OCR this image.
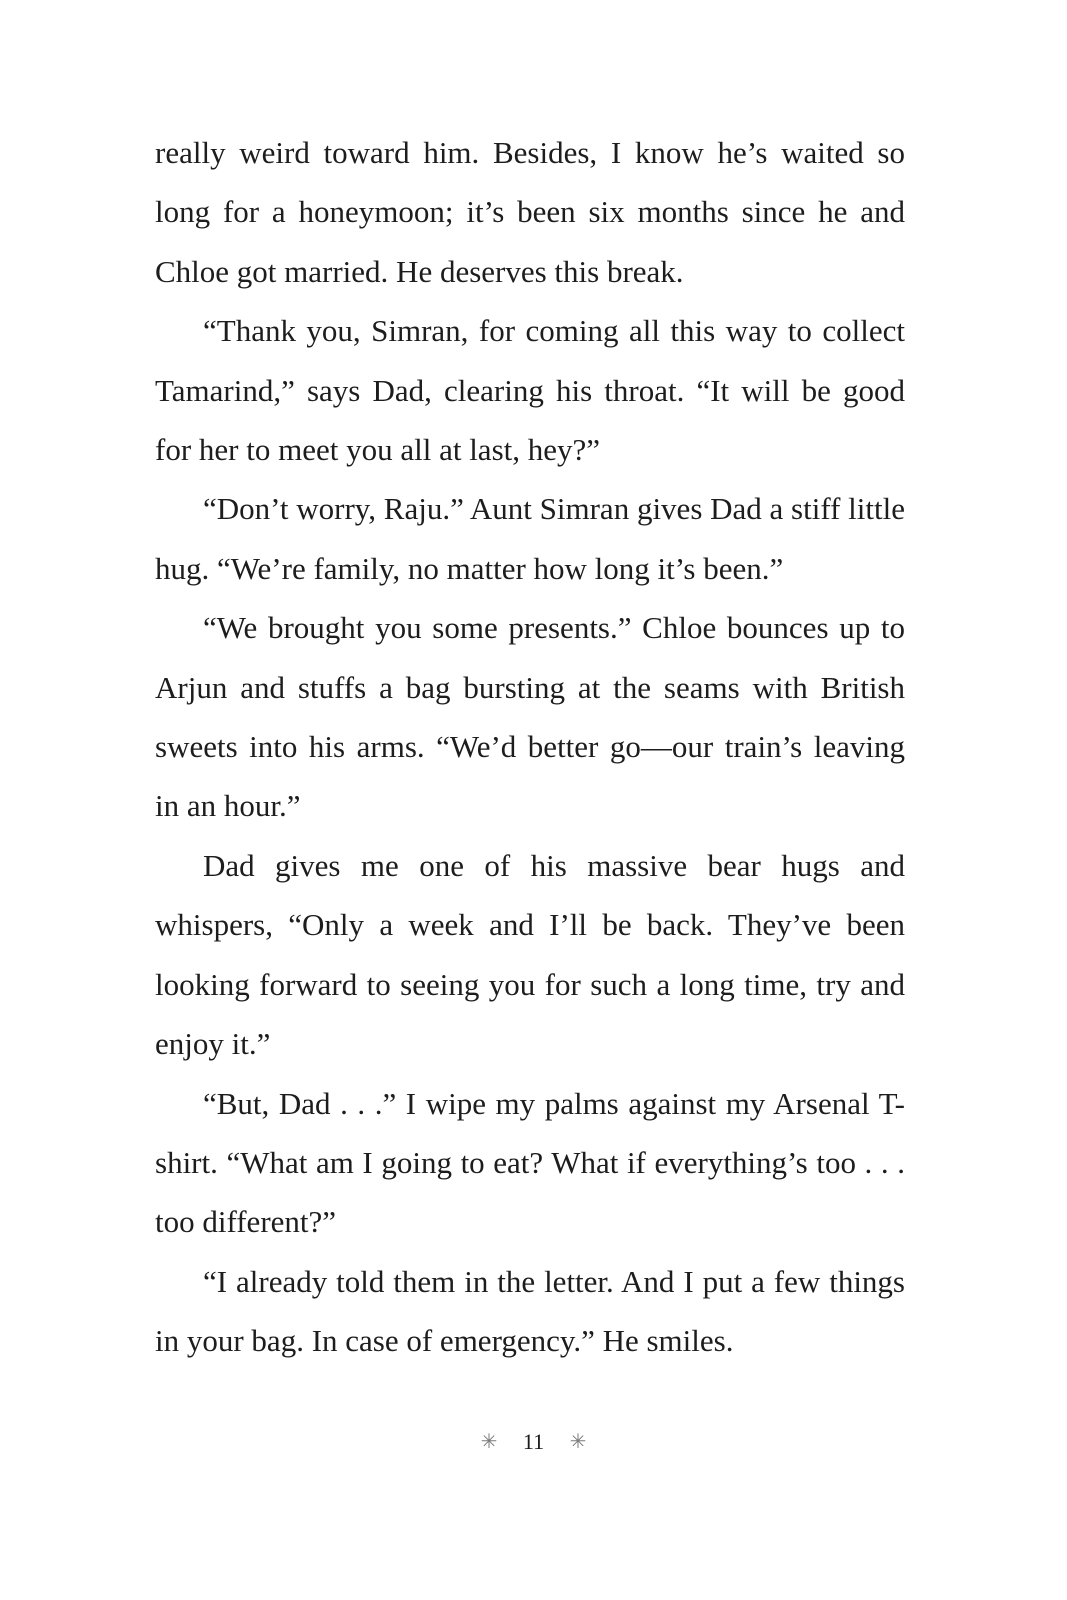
really weird toward him. Besides, I know he’s waited so long for a honeymoon; it’s been six months since he and Chloe got married. He deserves this break.

“Thank you, Simran, for coming all this way to collect Tamarind,” says Dad, clearing his throat. “It will be good for her to meet you all at last, hey?”

“Don’t worry, Raju.” Aunt Simran gives Dad a stiff little hug. “We’re family, no matter how long it’s been.”

“We brought you some presents.” Chloe bounces up to Arjun and stuffs a bag bursting at the seams with British sweets into his arms. “We’d better go—our train’s leaving in an hour.”

Dad gives me one of his massive bear hugs and whispers, “Only a week and I’ll be back. They’ve been looking forward to seeing you for such a long time, try and enjoy it.”

“But, Dad . . .” I wipe my palms against my Arsenal T-shirt. “What am I going to eat? What if everything’s too . . . too different?”

“I already told them in the letter. And I put a few things in your bag. In case of emergency.” He smiles.

✳ 11 ✳
